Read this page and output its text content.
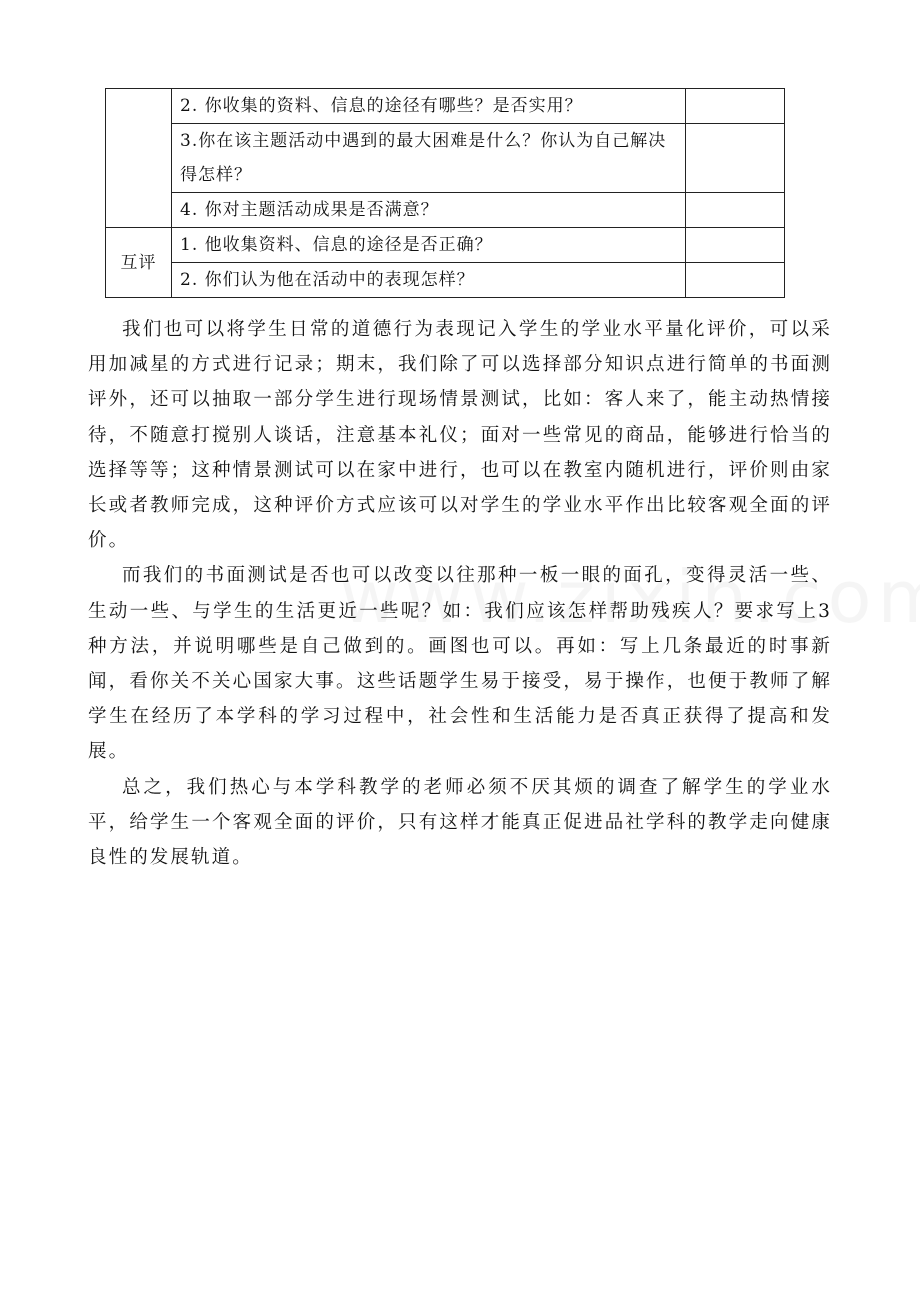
	2. 你收集的资料、信息的途径有哪些？是否实用？	
	3.你在该主题活动中遇到的最大困难是什么？你认为自己解决得怎样？	
	4. 你对主题活动成果是否满意？	
互评	1. 他收集资料、信息的途径是否正确？	
	2. 你们认为他在活动中的表现怎样？	

我们也可以将学生日常的道德行为表现记入学生的学业水平量化评价，可以采用加减星的方式进行记录；期末，我们除了可以选择部分知识点进行简单的书面测评外，还可以抽取一部分学生进行现场情景测试，比如：客人来了，能主动热情接待，不随意打搅别人谈话，注意基本礼仪；面对一些常见的商品，能够进行恰当的选择等等；这种情景测试可以在家中进行，也可以在教室内随机进行，评价则由家长或者教师完成，这种评价方式应该可以对学生的学业水平作出比较客观全面的评价。

而我们的书面测试是否也可以改变以往那种一板一眼的面孔，变得灵活一些、生动一些、与学生的生活更近一些呢？如：我们应该怎样帮助残疾人？要求写上3种方法，并说明哪些是自己做到的。画图也可以。再如：写上几条最近的时事新闻，看你关不关心国家大事。这些话题学生易于接受，易于操作，也便于教师了解学生在经历了本学科的学习过程中，社会性和生活能力是否真正获得了提高和发展。

总之，我们热心与本学科教学的老师必须不厌其烦的调查了解学生的学业水平，给学生一个客观全面的评价，只有这样才能真正促进品社学科的教学走向健康良性的发展轨道。
